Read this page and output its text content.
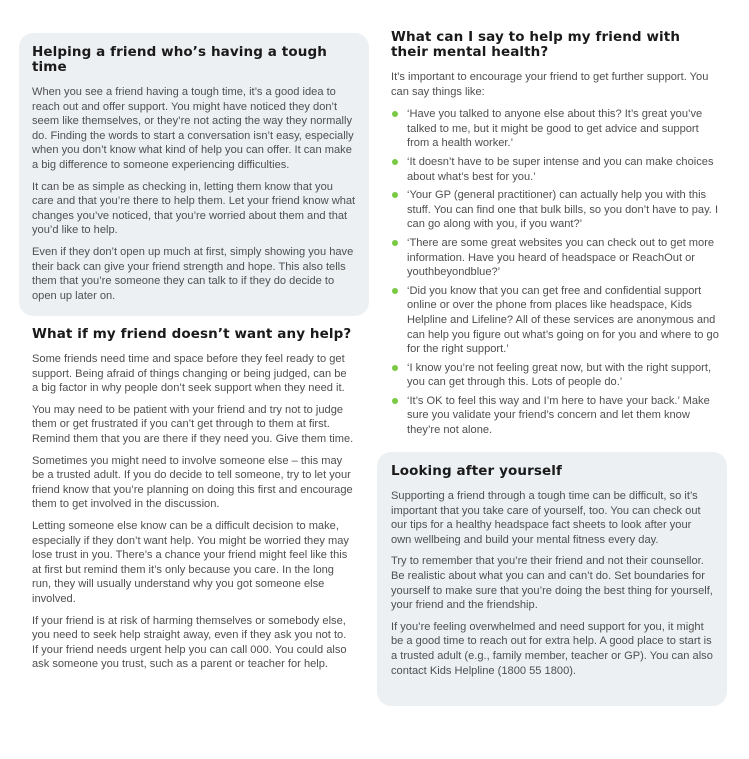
Helping a friend who’s having a tough time

When you see a friend having a tough time, it’s a good idea to reach out and offer support. You might have noticed they don’t seem like themselves, or they’re not acting the way they normally do. Finding the words to start a conversation isn’t easy, especially when you don’t know what kind of help you can offer. It can make a big difference to someone experiencing difficulties.

It can be as simple as checking in, letting them know that you care and that you’re there to help them. Let your friend know what changes you’ve noticed, that you’re worried about them and that you’d like to help.

Even if they don’t open up much at first, simply showing you have their back can give your friend strength and hope. This also tells them that you’re someone they can talk to if they do decide to open up later on.

What if my friend doesn’t want any help?

Some friends need time and space before they feel ready to get support. Being afraid of things changing or being judged, can be a big factor in why people don’t seek support when they need it.

You may need to be patient with your friend and try not to judge them or get frustrated if you can’t get through to them at first. Remind them that you are there if they need you. Give them time.

Sometimes you might need to involve someone else – this may be a trusted adult. If you do decide to tell someone, try to let your friend know that you’re planning on doing this first and encourage them to get involved in the discussion.

Letting someone else know can be a difficult decision to make, especially if they don’t want help. You might be worried they may lose trust in you. There’s a chance your friend might feel like this at first but remind them it’s only because you care. In the long run, they will usually understand why you got someone else involved.

If your friend is at risk of harming themselves or somebody else, you need to seek help straight away, even if they ask you not to. If your friend needs urgent help you can call 000. You could also ask someone you trust, such as a parent or teacher for help.

What can I say to help my friend with their mental health?

It’s important to encourage your friend to get further support. You can say things like:

‘Have you talked to anyone else about this? It’s great you’ve talked to me, but it might be good to get advice and support from a health worker.’
‘It doesn’t have to be super intense and you can make choices about what’s best for you.’
‘Your GP (general practitioner) can actually help you with this stuff. You can find one that bulk bills, so you don’t have to pay. I can go along with you, if you want?’
‘There are some great websites you can check out to get more information. Have you heard of headspace or ReachOut or youthbeyondblue?’
‘Did you know that you can get free and confidential support online or over the phone from places like headspace, Kids Helpline and Lifeline? All of these services are anonymous and can help you figure out what’s going on for you and where to go for the right support.’
‘I know you’re not feeling great now, but with the right support, you can get through this. Lots of people do.’
‘It’s OK to feel this way and I’m here to have your back.’ Make sure you validate your friend’s concern and let them know they’re not alone.
Looking after yourself

Supporting a friend through a tough time can be difficult, so it’s important that you take care of yourself, too. You can check out our tips for a healthy headspace fact sheets to look after your own wellbeing and build your mental fitness every day.

Try to remember that you’re their friend and not their counsellor. Be realistic about what you can and can’t do. Set boundaries for yourself to make sure that you’re doing the best thing for yourself, your friend and the friendship.

If you’re feeling overwhelmed and need support for you, it might be a good time to reach out for extra help. A good place to start is a trusted adult (e.g., family member, teacher or GP). You can also contact Kids Helpline (1800 55 1800).
